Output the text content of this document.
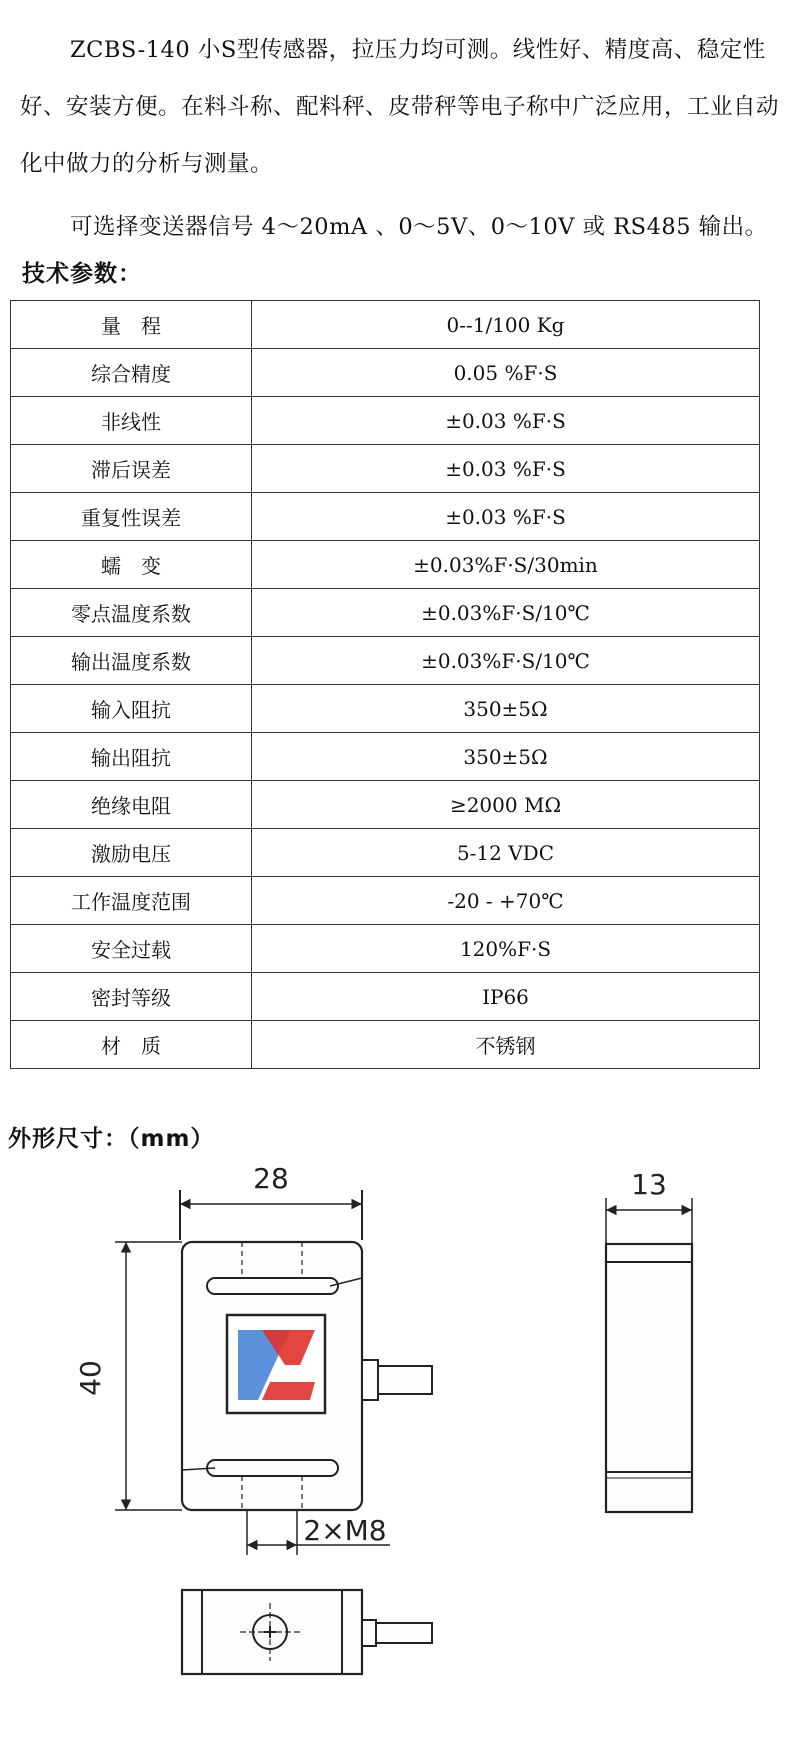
ZCBS-140 小S型传感器，拉压力均可测。线性好、精度高、稳定性好、安装方便。在料斗称、配料秤、皮带秤等电子称中广泛应用，工业自动化中做力的分析与测量。

可选择变送器信号 4～20mA 、0～5V、0～10V 或 RS485 输出。

技术参数：
量　程	0--1/100 Kg
综合精度	0.05 %F·S
非线性	±0.03 %F·S
滞后误差	±0.03 %F·S
重复性误差	±0.03 %F·S
蠕　变	±0.03%F·S/30min
零点温度系数	±0.03%F·S/10℃
输出温度系数	±0.03%F·S/10℃
输入阻抗	350±5Ω
输出阻抗	350±5Ω
绝缘电阻	≥2000 MΩ
激励电压	5-12 VDC
工作温度范围	-20 - +70℃
安全过载	120%F·S
密封等级	IP66
材　质	不锈钢
外形尺寸：（mm）
28
40
2×M8
13
